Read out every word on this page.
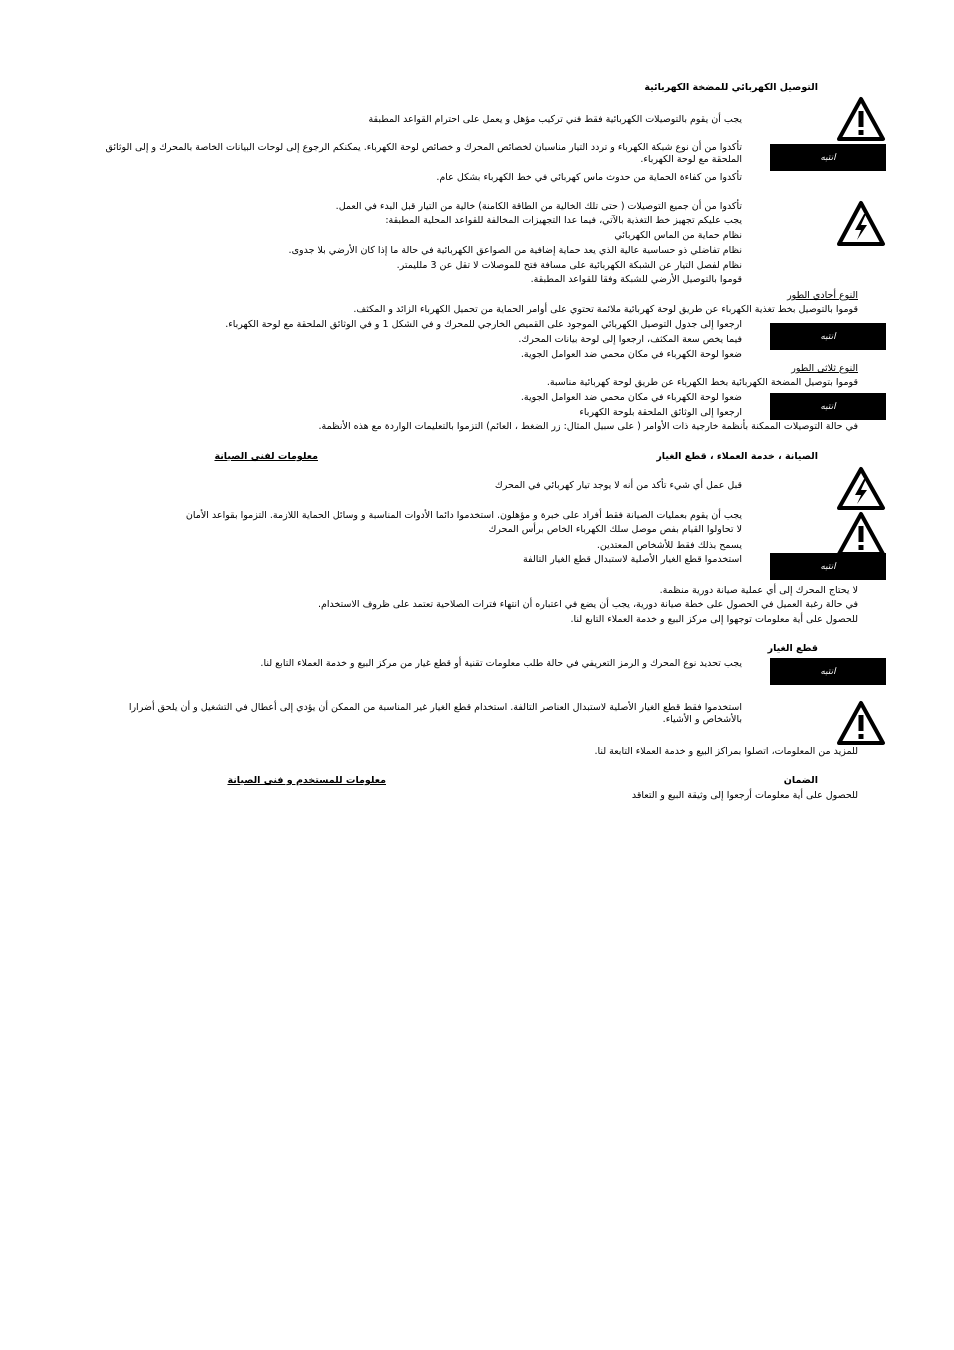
التوصيل الكهربائي للمضخة الكهربائية
يجب أن يقوم بالتوصيلات الكهربائية فقط فني تركيب مؤهل و يعمل على احترام القواعد المطبقة
تأكدوا من أن نوع شبكة الكهرباء و تردد التيار مناسبان لخصائص المحرك و خصائص لوحة الكهرباء. يمكنكم الرجوع إلى لوحات البيانات الخاصة بالمحرك و إلى الوثائق الملحقة مع لوحة الكهرباء.
تأكدوا من كفاءة الحماية من حدوث ماس كهربائي في خط الكهرباء بشكل عام.
انتبه
تأكدوا من أن جميع التوصيلات ( حتى تلك الخالية من الطاقة الكامنة) خالية من التيار قبل البدء في العمل.
يجب عليكم تجهيز خط التغذية بالآتي، فيما عدا التجهيزات المخالفة للقواعد المحلية المطبقة:
نظام حماية من الماس الكهربائي
نظام تفاضلي ذو حساسية عالية الذي يعد حماية إضافية من الصواعق الكهربائية في حالة ما إذا كان الأرضي بلا جدوى.
نظام لفصل التيار عن الشبكة الكهربائية على مسافة فتح للموصلات لا تقل عن 3 ملليمتر.
قوموا بالتوصيل الأرضي للشبكة وفقا للقواعد المطبقة.
النوع أحادي الطور
قوموا بالتوصيل بخط تغذية الكهرباء عن طريق لوحة كهربائية ملائمة تحتوي على أوامر الحماية من تحميل الكهرباء الزائد و المكثف.
ارجعوا إلى جدول التوصيل الكهربائي الموجود على القميص الخارجي للمحرك و في الشكل 1 و في الوثائق الملحقة مع لوحة الكهرباء.
فيما يخص سعة المكثف، ارجعوا إلى لوحة بيانات المحرك.
ضعوا لوحة الكهرباء في مكان محمي ضد العوامل الجوية.
انتبه
النوع ثلاثي الطور
قوموا بتوصيل المضخة الكهربائية بخط الكهرباء عن طريق لوحة كهربائية مناسبة.
ضعوا لوحة الكهرباء في مكان محمي ضد العوامل الجوية.
ارجعوا إلى الوثائق الملحقة بلوحة الكهرباء
في حالة التوصيلات الممكنة بأنظمة خارجية ذات الأوامر ( على سبيل المثال: زر الضغط ، العائم) التزموا بالتعليمات الواردة مع هذه الأنظمة.
انتبه
الصيانة ، خدمة العملاء ، قطع الغيار
معلومات لفني الصيانة
قبل عمل أي شيء تأكد من أنه لا يوجد تيار كهربائي في المحرك
يجب أن يقوم بعمليات الصيانة فقط أفراد على خبرة و مؤهلون. استخدموا دائما الأدوات المناسبة و وسائل الحماية اللازمة. التزموا بقواعد الأمان
لا تحاولوا القيام بفص موصل سلك الكهرباء الخاص برأس المحرك
يسمح بذلك فقط للأشخاص المعتدين.
استخدموا قطع الغيار الأصلية لاستبدال قطع الغيار التالفة
انتبه
لا يحتاج المحرك إلى أي عملية صيانة دورية منظمة.
في حالة رغبة العميل في الحصول على خطة صيانة دورية، يجب أن يضع في اعتباره أن انتهاء فترات الصلاحية تعتمد على ظروف الاستخدام.
للحصول على أية معلومات توجهوا إلى مركز البيع و خدمة العملاء التابع لنا.
قطع الغيار
يجب تحديد نوع المحرك و الرمز التعريفي في حالة طلب معلومات تقنية أو قطع غيار من مركز البيع و خدمة العملاء التابع لنا.
انتبه
استخدموا فقط قطع الغيار الأصلية لاستبدال العناصر التالفة. استخدام قطع الغيار غير المناسبة من الممكن أن يؤدي إلى أعطال في التشغيل و أن يلحق أضرارا بالأشخاص و الأشياء.
للمزيد من المعلومات، اتصلوا بمراكز البيع و خدمة العملاء التابعة لنا.
الضمان
معلومات للمستخدم و فني الصيانة
للحصول على أية معلومات أرجعوا إلى وثيقة البيع و التعاقد
